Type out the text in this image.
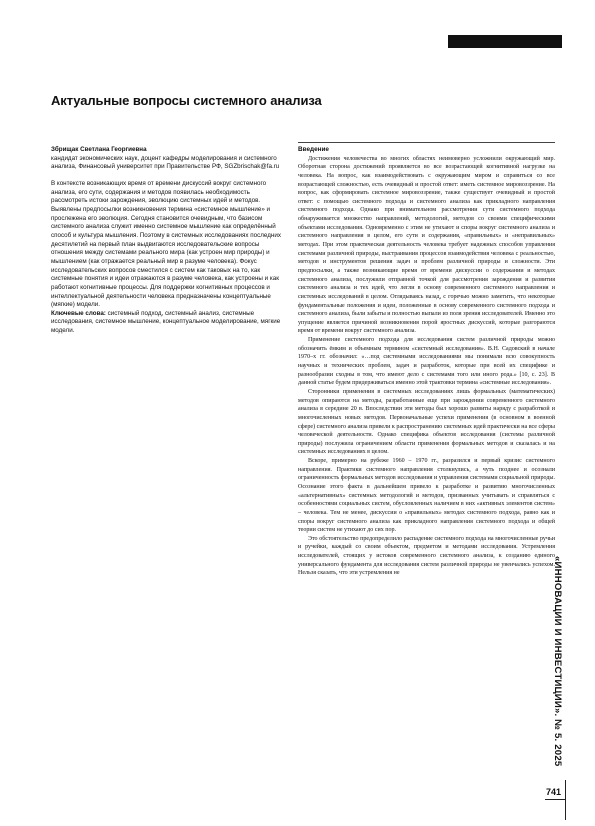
Актуальные вопросы системного анализа
Збрищак Светлана Георгиевна
кандидат экономических наук, доцент кафедры моделирования и системного анализа, Финансовый университет при Правительстве РФ, SGZbrischak@fa.ru
В контексте возникающих время от времени дискуссий вокруг системного анализа, его сути, содержания и методов появилась необходимость рассмотреть истоки зарождения, эволюцию системных идей и методов. Выявлены предпосылки возникновения термина «системное мышление» и прослежена его эволюция. Сегодня становится очевидным, что базисом системного анализа служит именно системное мышление как определённый способ и культура мышления. Поэтому в системных исследованиях последних десятилетий на первый план выдвигаются исследовательские вопросы отношения между системами реального мира (как устроен мир природы) и мышлением (как отражается реальный мир в разуме человека). Фокус исследовательских вопросов сместился с систем как таковых на то, как системные понятия и идеи отражаются в разуме человека, как устроены и как работают когнитивные процессы. Для поддержки когнитивных процессов и интеллектуальной деятельности человека предназначены концептуальные (мягкие) модели.
Ключевые слова: системный подход, системный анализ, системные исследования, системное мышление, концептуальное моделирование, мягкие модели.
Введение

Достижения человечества во многих областях неимоверно усложнили окружающий мир. Оборотная сторона достижений проявляется во все возрастающей когнитивной нагрузке на человека. На вопрос, как взаимодействовать с окружающим миром и справиться со все возрастающей сложностью, есть очевидный и простой ответ: иметь системное мировоззрение. На вопрос, как сформировать системное мировоззрение, также существует очевидный и простой ответ: с помощью системного подхода и системного анализа как прикладного направления системного подхода. Однако при внимательном рассмотрении сути системного подхода обнаруживается множество направлений, методологий, методов со своими специфическими объектами исследования. Одновременно с этим не утихают и споры вокруг системного анализа и системного направления в целом, его сути и содержания, «правильных» и «неправильных» методах. При этом практическая деятельность человека требует надежных способов управления системами различной природы, выстраивания процессов взаимодействия человека с реальностью, методов и инструментов решения задач и проблем различной природы и сложности. Эти предпосылки, а также возникающие время от времени дискуссии о содержании и методах системного анализа, послужили отправной точкой для рассмотрения зарождения и развития системного анализа и тех идей, что легли в основу современного системного направления и системных исследований в целом. Оглядываясь назад, с горечью можно заметить, что некоторые фундаментальные положения и идеи, положенные в основу современного системного подхода и системного анализа, были забыты и полностью выпали из поля зрения исследователей. Именно это упущение является причиной возникновения порой яростных дискуссий, которые разгораются время от времени вокруг системного анализа.

Применение системного подхода для исследования систем различной природы можно обозначить ёмким и объемным термином «системный исследования». В.Н. Садовский в начале 1970–х гг. обозначил: «…под системными исследованиями мы понимали всю совокупность научных и технических проблем, задач и разработок, которые при всей их специфике и разнообразии сходны в том, что имеют дело с системами того или иного рода.» [10, с. 23]. В данной статье будем придерживаться именно этой трактовки термина «системные исследования».

Сторонники применения в системных исследованиях лишь формальных (математических) методов опираются на методы, разработанные еще при зарождении современного системного анализа в середине 20 в. Впоследствии эти методы был хорошо развиты наряду с разработкой и многочисленных новых методов. Первоначальные успехи применения (в основном в военной сфере) системного анализа привели к распространению системных идей практически на все сферы человеческой деятельности. Однако специфика объектов исследования (системы различной природы) послужила ограничением области применения формальных методов и сказалась и на системных исследованиях в целом.

Вскоре, примерно на рубеже 1960 – 1970 гг., разразился и первый кризис системного направления. Практики системного направления столкнулись, а чуть позднее и осознали ограниченность формальных методов исследования и управления системами социальной природы. Осознание этого факта в дальнейшем привело к разработке и развитию многочисленных «альтернативных» системных методологий и методов, призванных учитывать и справляться с особенностями социальных систем, обусловленных наличием в них «активных элементов систем» – человека. Тем не менее, дискуссии о «правильных» методах системного подхода, равно как и споры вокруг системного анализа как прикладного направления системного подхода и общей теории систем не утихают до сих пор.

Это обстоятельство предопределило распадение системного подхода на многочисленные ручьи и ручейки, каждый со своим объектом, предметом и методами исследования. Устремления исследователей, стоящих у истоков современного системного анализа, к созданию единого универсального фундамента для исследования систем различной природы не увенчались успехом. Нельзя сказать, что эти устремления не	«ИННОВАЦИИ И ИНВЕСТИЦИИ». № 5. 2025
741
